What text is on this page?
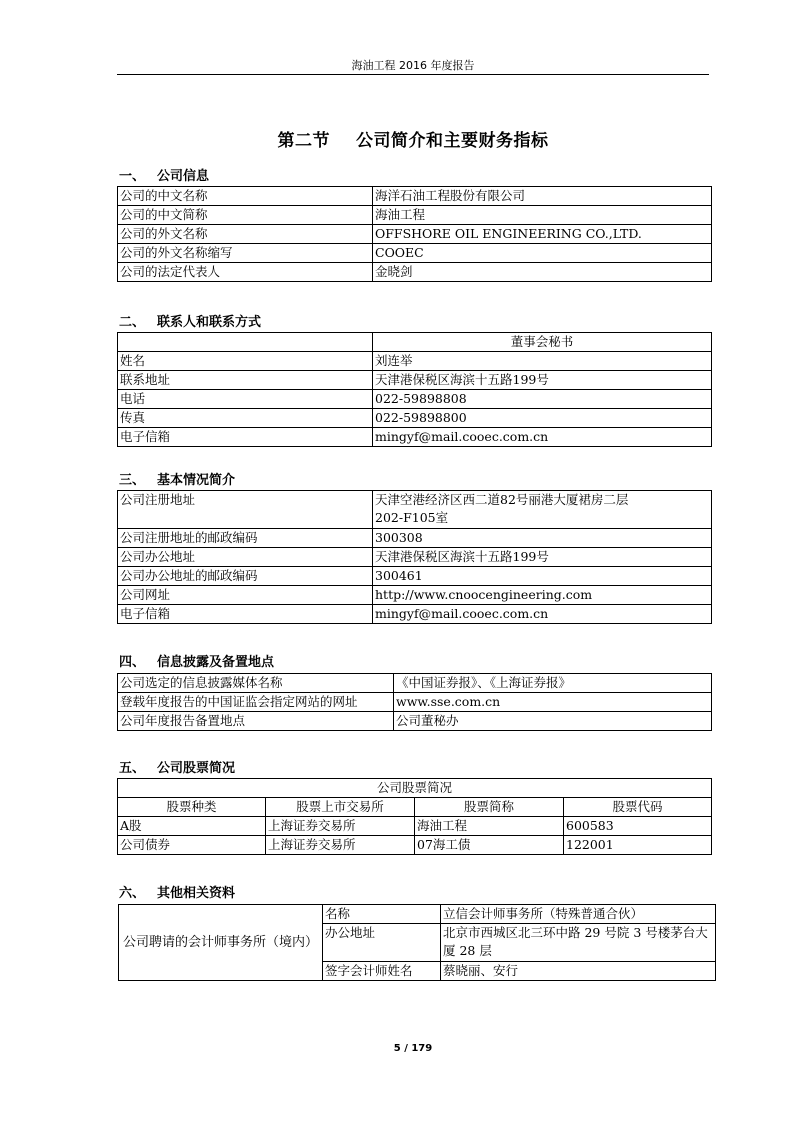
海油工程 2016 年度报告
第二节 公司简介和主要财务指标
一、 公司信息
公司的中文名称	海洋石油工程股份有限公司
公司的中文简称	海油工程
公司的外文名称	OFFSHORE OIL ENGINEERING CO.,LTD.
公司的外文名称缩写	COOEC
公司的法定代表人	金晓剑
二、 联系人和联系方式
	董事会秘书
姓名	刘连举
联系地址	天津港保税区海滨十五路199号
电话	022-59898808
传真	022-59898800
电子信箱	mingyf@mail.cooec.com.cn
三、 基本情况简介
公司注册地址	天津空港经济区西二道82号丽港大厦裙房二层
202-F105室

公司注册地址的邮政编码	300308
公司办公地址	天津港保税区海滨十五路199号
公司办公地址的邮政编码	300461
公司网址	http://www.cnoocengineering.com
电子信箱	mingyf@mail.cooec.com.cn
四、 信息披露及备置地点
公司选定的信息披露媒体名称	《中国证券报》、《上海证券报》
登载年度报告的中国证监会指定网站的网址	www.sse.com.cn
公司年度报告备置地点	公司董秘办
五、 公司股票简况
公司股票简况			
股票种类	股票上市交易所	股票简称	股票代码
A股	上海证券交易所	海油工程	600583
公司债券	上海证券交易所	07海工债	122001
六、 其他相关资料
公司聘请的会计师事务所（境内）	名称	立信会计师事务所（特殊普通合伙）
	办公地址	北京市西城区北三环中路 29 号院 3 号楼茅台大厦 28 层
	签字会计师姓名	蔡晓丽、安行
5 / 179
